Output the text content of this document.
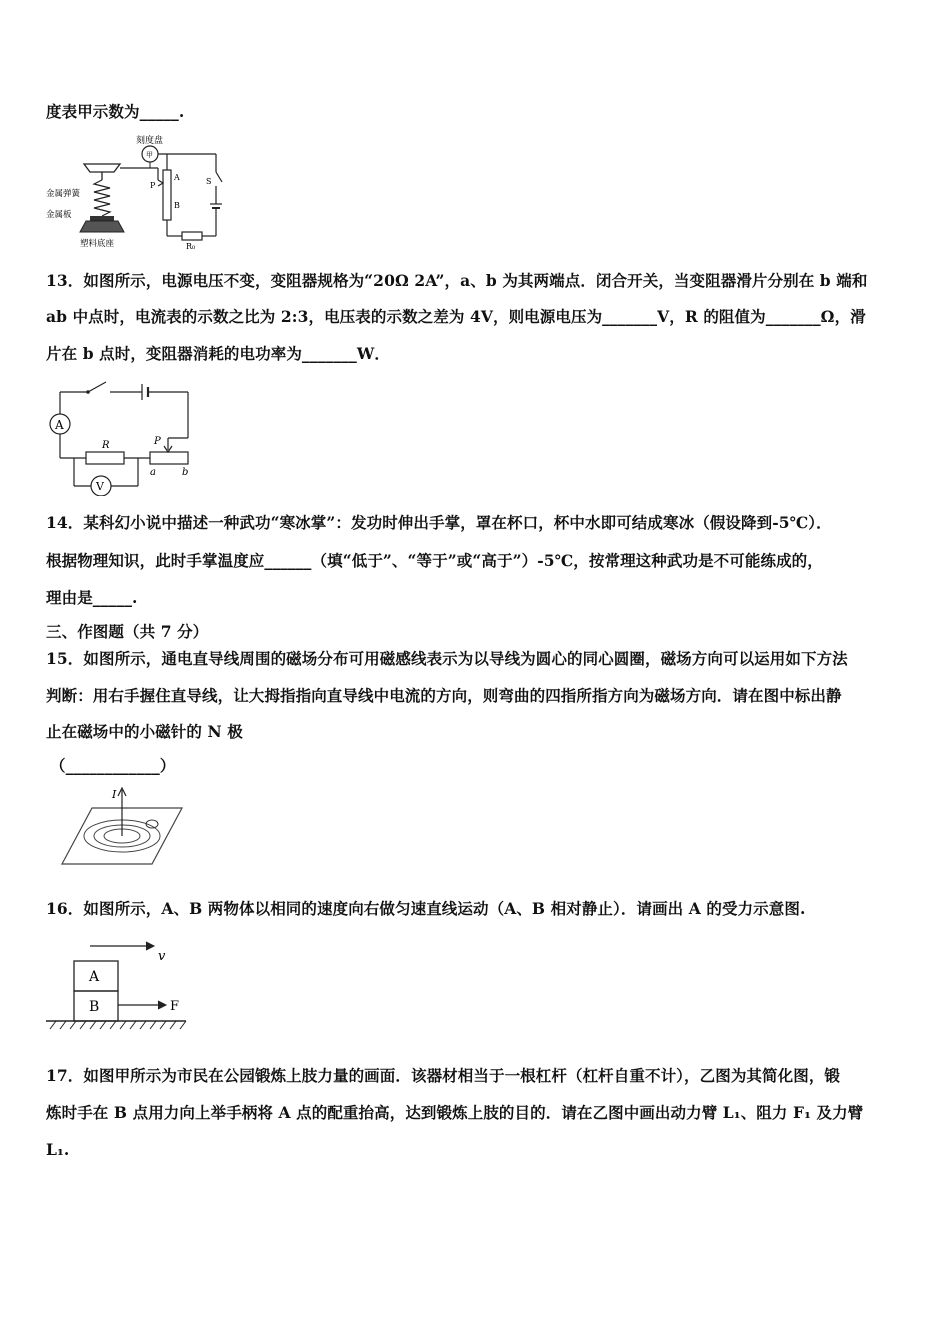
度表甲示数为_____.
刻度盘
甲
金属弹簧
金属板
塑料底座
P
A
B
S
R₀
13．如图所示，电源电压不变，变阻器规格为“20Ω 2A”，a、b 为其两端点．闭合开关，当变阻器滑片分别在 b 端和
ab 中点时，电流表的示数之比为 2:3，电压表的示数之差为 4V，则电源电压为_______V，R 的阻值为_______Ω，滑
片在 b 点时，变阻器消耗的电功率为_______W．
A
V
R	P
a	b
14．某科幻小说中描述一种武功“寒冰掌”：发功时伸出手掌，罩在杯口，杯中水即可结成寒冰（假设降到-5℃）．
根据物理知识，此时手掌温度应______（填“低于”、“等于”或“高于”）-5℃，按常理这种武功是不可能练成的，
理由是_____.
三、作图题（共 7 分）
15．如图所示，通电直导线周围的磁场分布可用磁感线表示为以导线为圆心的同心圆圈，磁场方向可以运用如下方法
判断：用右手握住直导线，让大拇指指向直导线中电流的方向，则弯曲的四指所指方向为磁场方向．请在图中标出静
止在磁场中的小磁针的 N 极
（____________）
I
16．如图所示，A、B 两物体以相同的速度向右做匀速直线运动（A、B 相对静止）．请画出 A 的受力示意图.
A
B
v
F
17．如图甲所示为市民在公园锻炼上肢力量的画面．该器材相当于一根杠杆（杠杆自重不计），乙图为其简化图，锻
炼时手在 B 点用力向上举手柄将 A 点的配重抬高，达到锻炼上肢的目的．请在乙图中画出动力臂 L₁、阻力 F₁ 及力臂
L₁.
